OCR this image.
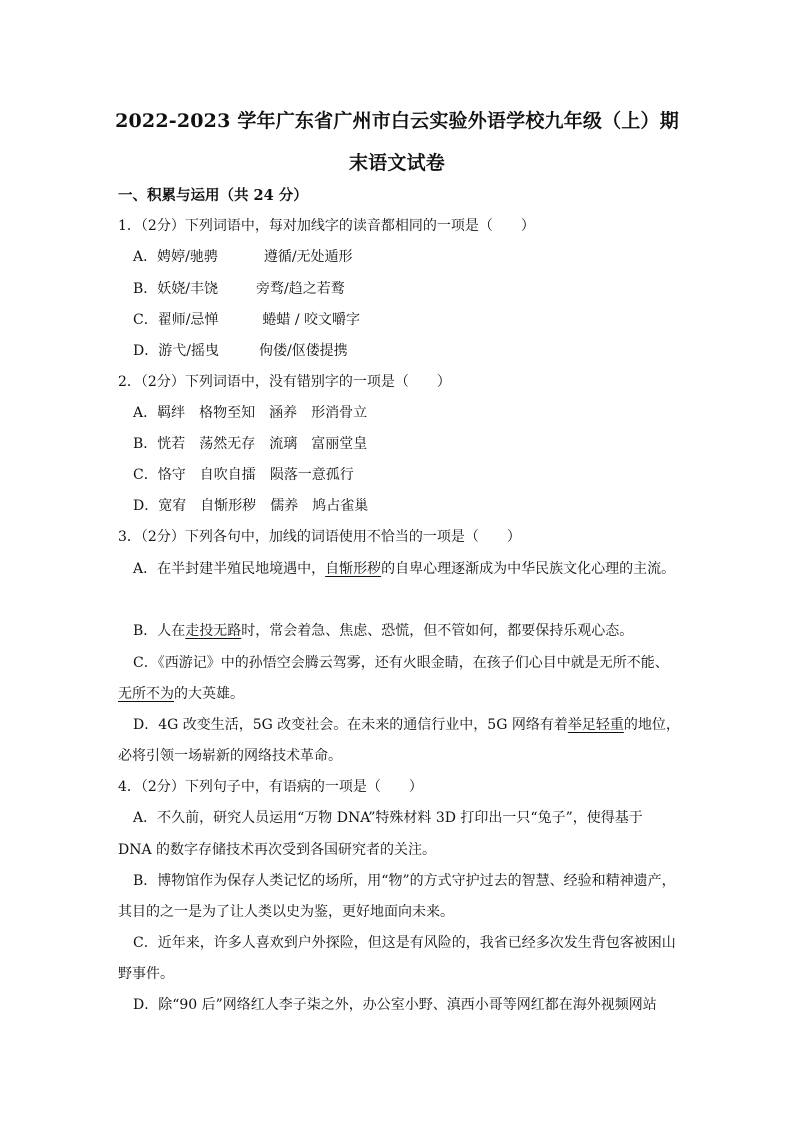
2022-2023 学年广东省广州市白云实验外语学校九年级（上）期
末语文试卷
一、积累与运用（共 24 分）
1．（2分）下列词语中，每对加线字的读音都相同的一项是（　　）
A．娉婷/驰骋	遵循/无处遁形
B．妖娆/丰饶	旁骛/趋之若鹜
C．翟师/忌惮	蜷蜡 / 咬文嚼字
D．游弋/摇曳	佝偻/伛偻提携
2．（2分）下列词语中，没有错别字的一项是（　　）
A．羁绊　格物至知　涵养　形消骨立
B．恍若　荡然无存　流璃　富丽堂皇
C．恪守　自吹自擂　陨落一意孤行
D．宽宥　自惭形秽　儒养　鸠占雀巢
3．（2分）下列各句中，加线的词语使用不恰当的一项是（　　）
A．在半封建半殖民地境遇中，自惭形秽的自卑心理逐渐成为中华民族文化心理的主流。
B．人在走投无路时，常会着急、焦虑、恐慌，但不管如何，都要保持乐观心态。
C．《西游记》中的孙悟空会腾云驾雾，还有火眼金睛，在孩子们心目中就是无所不能、
无所不为的大英雄。
D．4G 改变生活，5G 改变社会。在未来的通信行业中，5G 网络有着举足轻重的地位，
必将引领一场崭新的网络技术革命。
4．（2分）下列句子中，有语病的一项是（　　）
A．不久前，研究人员运用“万物 DNA”特殊材料 3D 打印出一只“兔子”，使得基于
DNA 的数字存储技术再次受到各国研究者的关注。
B．博物馆作为保存人类记忆的场所，用“物”的方式守护过去的智慧、经验和精神遗产，
其目的之一是为了让人类以史为鉴，更好地面向未来。
C．近年来，许多人喜欢到户外探险，但这是有风险的，我省已经多次发生背包客被困山
野事件。
D．除“90 后”网络红人李子柒之外，办公室小野、滇西小哥等网红都在海外视频网站
